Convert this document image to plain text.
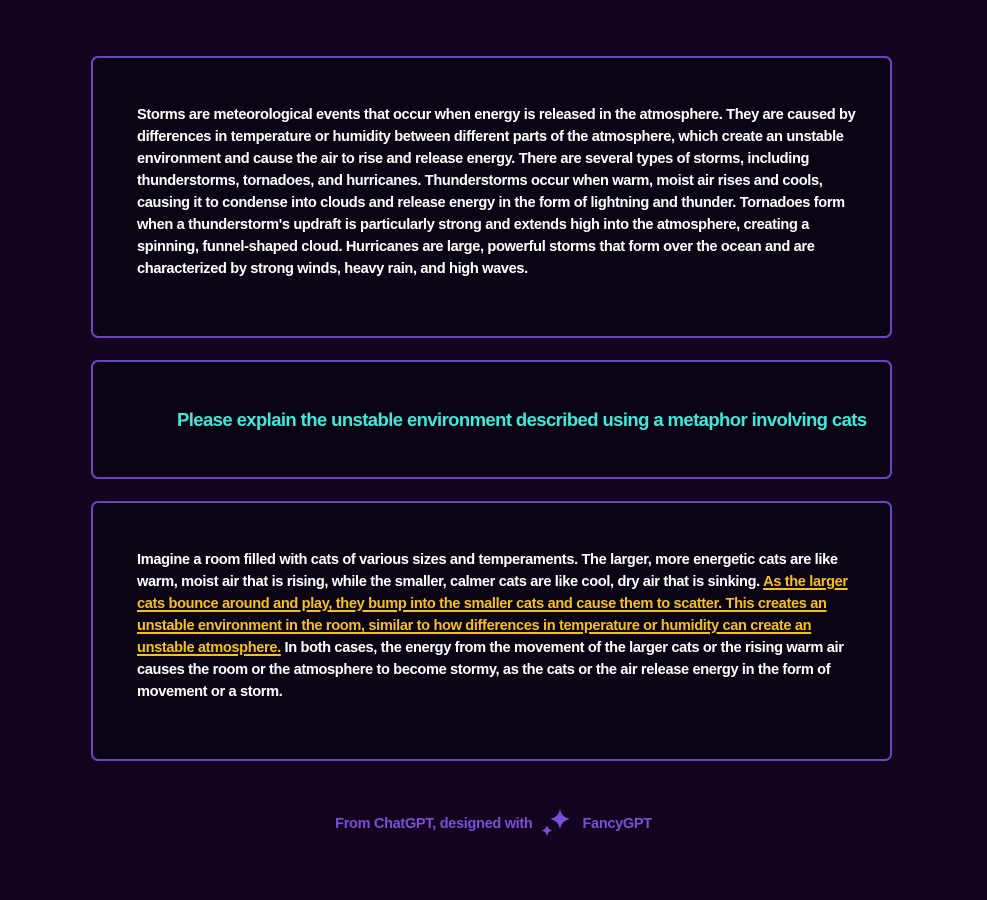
Storms are meteorological events that occur when energy is released in the atmosphere. They are caused by differences in temperature or humidity between different parts of the atmosphere, which create an unstable environment and cause the air to rise and release energy. There are several types of storms, including thunderstorms, tornadoes, and hurricanes. Thunderstorms occur when warm, moist air rises and cools, causing it to condense into clouds and release energy in the form of lightning and thunder. Tornadoes form when a thunderstorm's updraft is particularly strong and extends high into the atmosphere, creating a spinning, funnel-shaped cloud. Hurricanes are large, powerful storms that form over the ocean and are characterized by strong winds, heavy rain, and high waves.

Please explain the unstable environment described using a metaphor involving cats

Imagine a room filled with cats of various sizes and temperaments. The larger, more energetic cats are like warm, moist air that is rising, while the smaller, calmer cats are like cool, dry air that is sinking. As the larger cats bounce around and play, they bump into the smaller cats and cause them to scatter. This creates an unstable environment in the room, similar to how differences in temperature or humidity can create an unstable atmosphere. In both cases, the energy from the movement of the larger cats or the rising warm air causes the room or the atmosphere to become stormy, as the cats or the air release energy in the form of movement or a storm.

From ChatGPT, designed with	FancyGPT
